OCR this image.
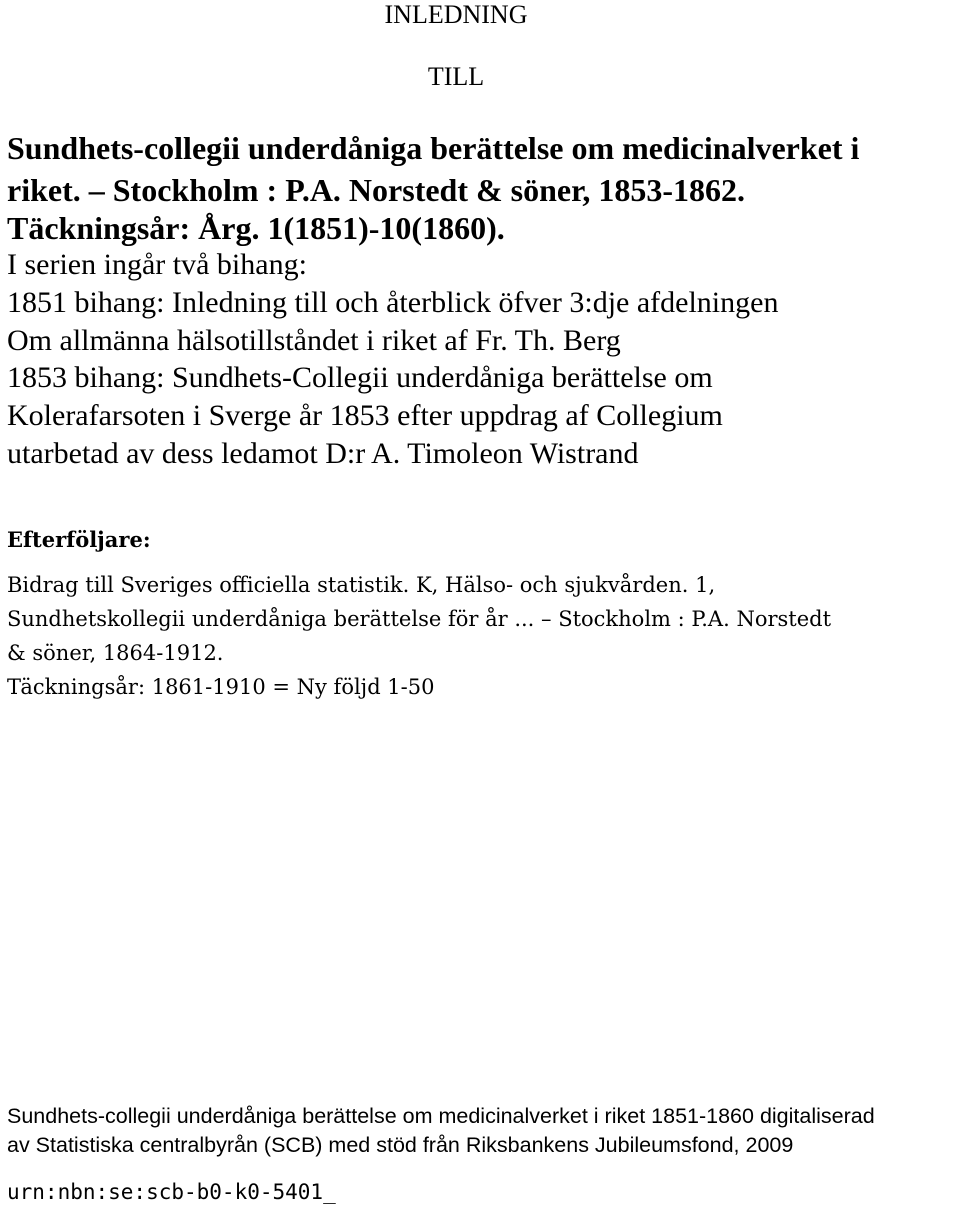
INLEDNING
TILL
Sundhets-collegii underdåniga berättelse om medicinalverket i
riket. – Stockholm : P.A. Norstedt & söner, 1853-1862.
Täckningsår: Årg. 1(1851)-10(1860).
I serien ingår två bihang:
1851 bihang: Inledning till och återblick öfver 3:dje afdelningen
Om allmänna hälsotillståndet i riket af Fr. Th. Berg
1853 bihang: Sundhets-Collegii underdåniga berättelse om
Kolerafarsoten i Sverge år 1853 efter uppdrag af Collegium
utarbetad av dess ledamot D:r A. Timoleon Wistrand
Efterföljare:
Bidrag till Sveriges officiella statistik. K, Hälso- och sjukvården. 1,
Sundhetskollegii underdåniga berättelse för år ... – Stockholm : P.A. Norstedt
& söner, 1864-1912.
Täckningsår: 1861-1910 = Ny följd 1-50
Sundhets-collegii underdåniga berättelse om medicinalverket i riket 1851-1860 digitaliserad
av Statistiska centralbyrån (SCB) med stöd från Riksbankens Jubileumsfond, 2009
urn:nbn:se:scb-b0-k0-5401_
